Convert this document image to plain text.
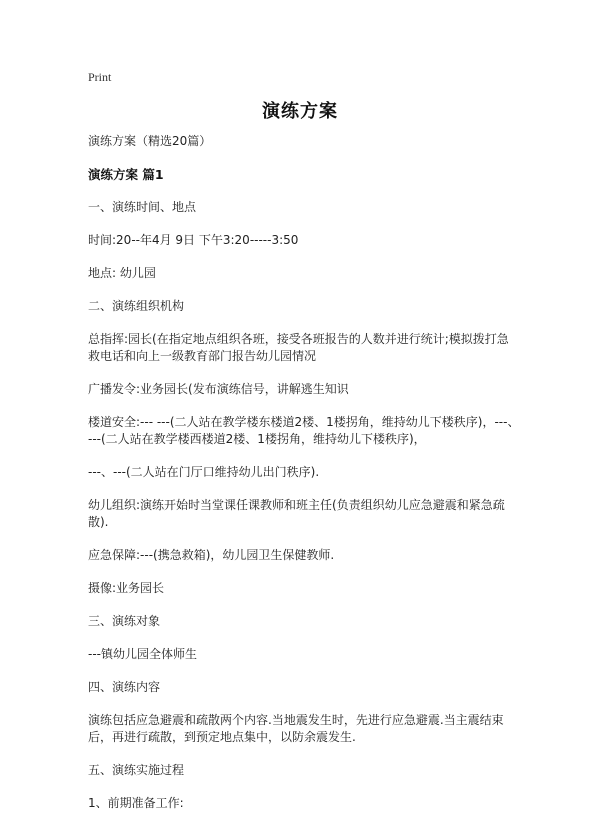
Print
演练方案

演练方案（精选20篇）

演练方案 篇1

一、演练时间、地点

时间:20--年4月 9日 下午3:20-----3:50

地点: 幼儿园

二、演练组织机构

总指挥:园长(在指定地点组织各班，接受各班报告的人数并进行统计;模拟拨打急救电话和向上一级教育部门报告幼儿园情况

广播发令:业务园长(发布演练信号，讲解逃生知识

楼道安全:--- ---(二人站在教学楼东楼道2楼、1楼拐角，维持幼儿下楼秩序)，---、---(二人站在教学楼西楼道2楼、1楼拐角，维持幼儿下楼秩序)，

---、---(二人站在门厅口维持幼儿出门秩序).

幼儿组织:演练开始时当堂课任课教师和班主任(负责组织幼儿应急避震和紧急疏散).

应急保障:---(携急救箱)，幼儿园卫生保健教师.

摄像:业务园长

三、演练对象

---镇幼儿园全体师生

四、演练内容

演练包括应急避震和疏散两个内容.当地震发生时，先进行应急避震.当主震结束后，再进行疏散，到预定地点集中，以防余震发生.

五、演练实施过程

1、前期准备工作:
